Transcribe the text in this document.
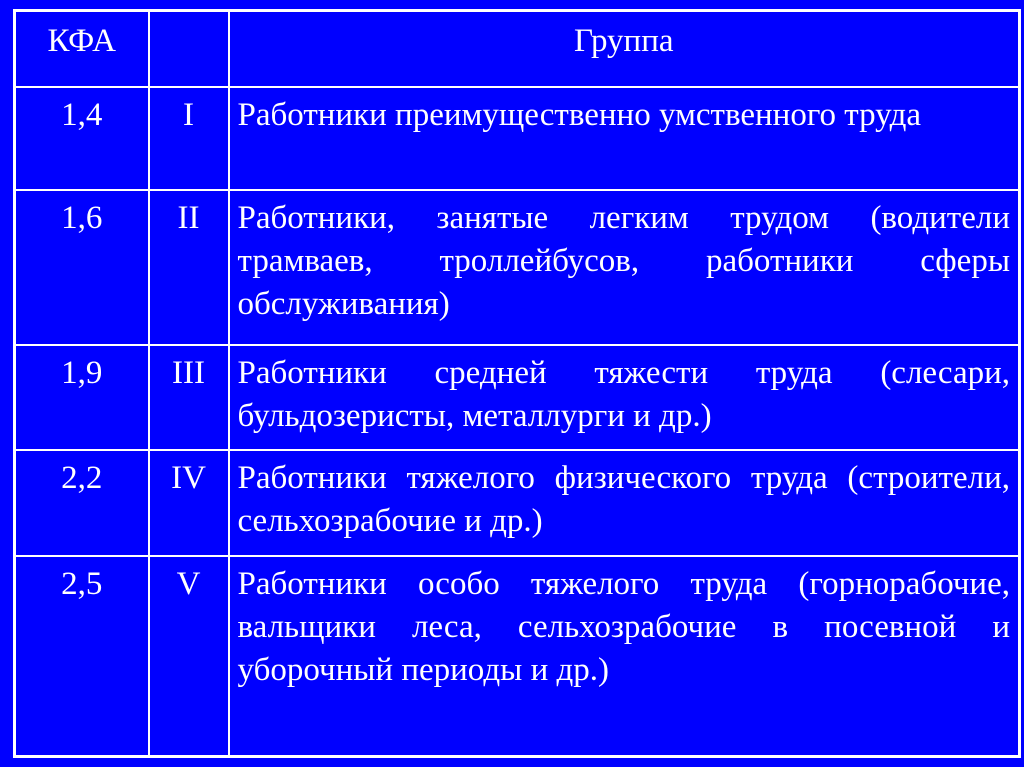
КФА		Группа
1,4	I	Работники преимущественно умственного труда
1,6	II	Работники, занятые легким трудом (водители трамваев, троллейбусов, работники сферы обслуживания)
1,9	III	Работники средней тяжести труда (слесари, бульдозеристы, металлурги и др.)
2,2	IV	Работники тяжелого физического труда (строители, сельхозрабочие и др.)
2,5	V	Работники особо тяжелого труда (горнорабочие, вальщики леса, сельхозрабочие в посевной и уборочный периоды и др.)
